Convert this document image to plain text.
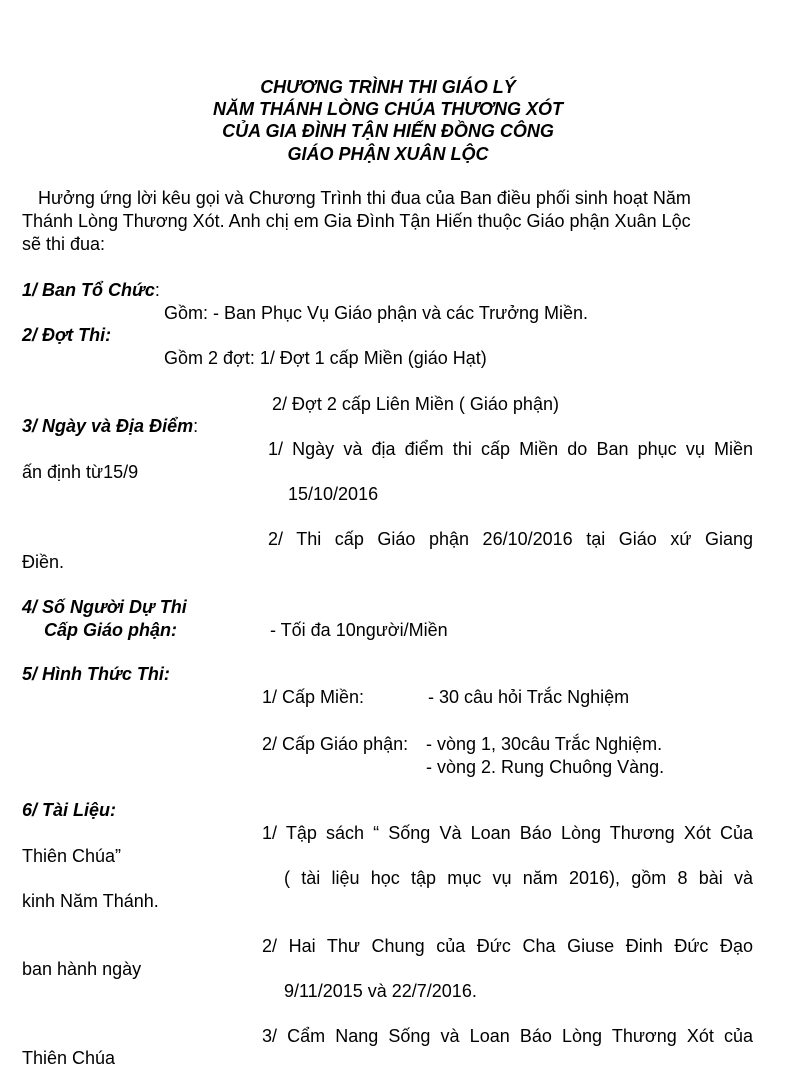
CHƯƠNG TRÌNH THI GIÁO LÝ
NĂM THÁNH LÒNG CHÚA THƯƠNG XÓT
CỦA GIA ĐÌNH TẬN HIẾN ĐỒNG CÔNG
GIÁO PHẬN XUÂN LỘC
Hưởng ứng lời kêu gọi và Chương Trình thi đua của Ban điều phối sinh hoạt Năm
Thánh Lòng Thương Xót. Anh chị em Gia Đình Tận Hiến thuộc Giáo phận Xuân Lộc
sẽ thi đua:
1/ Ban Tổ Chức:
Gồm: - Ban Phục Vụ Giáo phận và các Trưởng Miền.
2/ Đợt Thi:
Gồm 2 đợt: 1/ Đợt 1 cấp Miền (giáo Hạt)
2/ Đợt 2 cấp Liên Miền ( Giáo phận)
3/ Ngày và Địa Điểm:
1/ Ngày và địa điểm thi cấp Miền do Ban phục vụ Miền
ấn định từ15/9
15/10/2016
2/ Thi cấp Giáo phận 26/10/2016 tại Giáo xứ Giang
Điền.
4/ Số Người Dự Thi
Cấp Giáo phận:	- Tối đa 10người/Miền
5/ Hình Thức Thi:
1/ Cấp Miền:	- 30 câu hỏi Trắc Nghiệm
2/ Cấp Giáo phận: - vòng 1, 30câu Trắc Nghiệm.
- vòng 2. Rung Chuông Vàng.
6/ Tài Liệu:
1/ Tập sách “ Sống Và Loan Báo Lòng Thương Xót Của
Thiên Chúa”
( tài liệu học tập mục vụ năm 2016), gồm 8 bài và
kinh Năm Thánh.
2/ Hai Thư Chung của Đức Cha Giuse Đinh Đức Đạo
ban hành ngày
9/11/2015 và 22/7/2016.
3/ Cẩm Nang Sống và Loan Báo Lòng Thương Xót của
Thiên Chúa
